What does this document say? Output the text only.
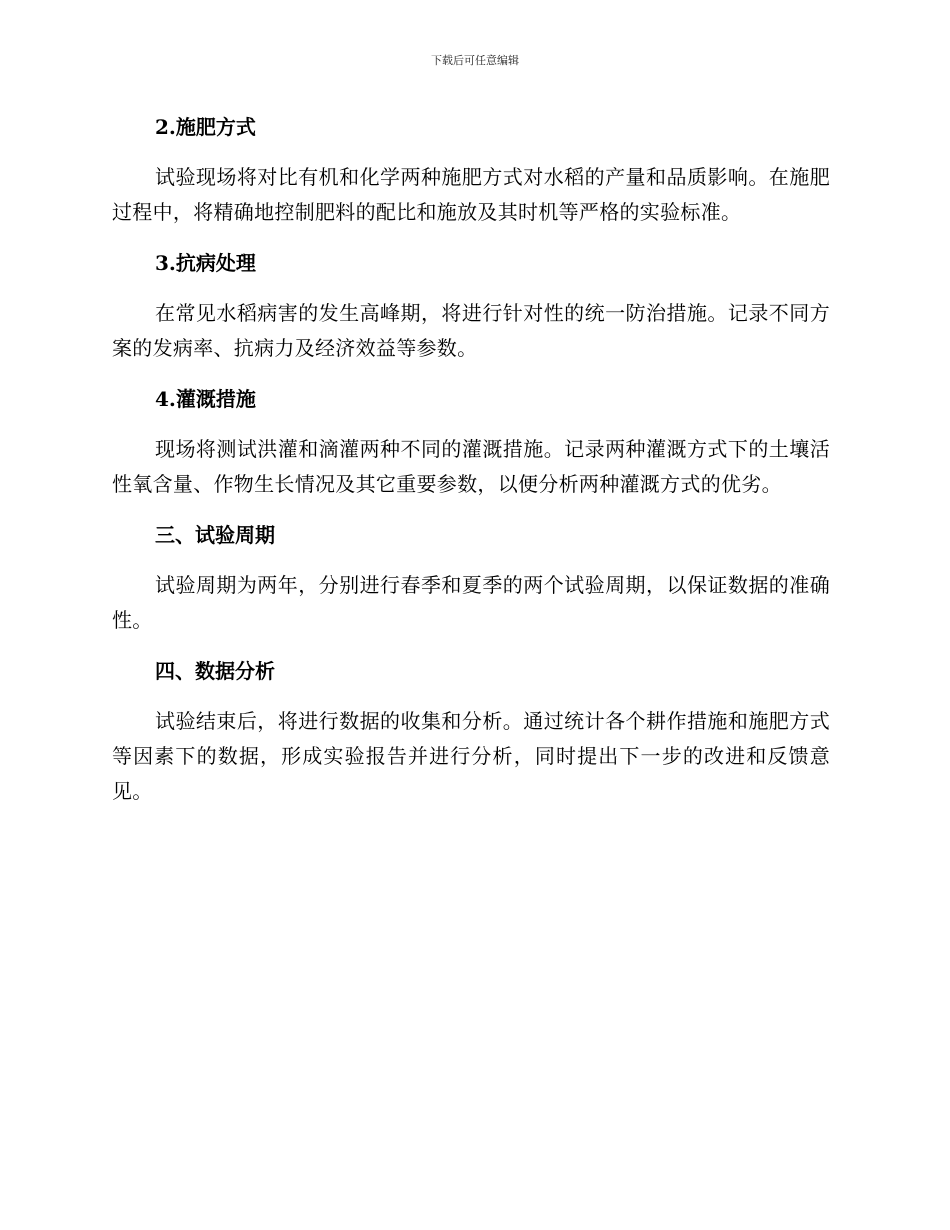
下载后可任意编辑
2.施肥方式
试验现场将对比有机和化学两种施肥方式对水稻的产量和品质影响。在施肥过程中，将精确地控制肥料的配比和施放及其时机等严格的实验标准。
3.抗病处理
在常见水稻病害的发生高峰期，将进行针对性的统一防治措施。记录不同方案的发病率、抗病力及经济效益等参数。
4.灌溉措施
现场将测试洪灌和滴灌两种不同的灌溉措施。记录两种灌溉方式下的土壤活性氧含量、作物生长情况及其它重要参数，以便分析两种灌溉方式的优劣。
三、试验周期
试验周期为两年，分别进行春季和夏季的两个试验周期，以保证数据的准确性。
四、数据分析
试验结束后，将进行数据的收集和分析。通过统计各个耕作措施和施肥方式等因素下的数据，形成实验报告并进行分析，同时提出下一步的改进和反馈意见。
